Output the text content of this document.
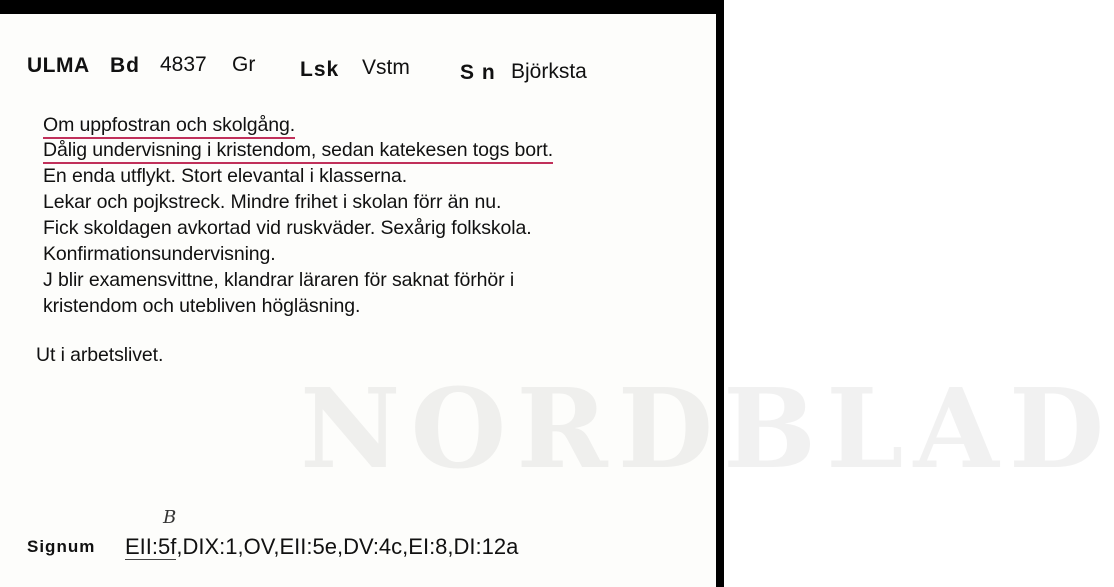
NORDBLAD
ULMA Bd 4837 Gr Lsk Vstm S n Björksta
Om uppfostran och skolgång.
Dålig undervisning i kristendom, sedan katekesen togs bort.
En enda utflykt. Stort elevantal i klasserna.
Lekar och pojkstreck. Mindre frihet i skolan förr än nu.
Fick skoldagen avkortad vid ruskväder. Sexårig folkskola.
Konfirmationsundervisning.
J blir examensvittne, klandrar läraren för saknat förhör i
kristendom och utebliven högläsning.
Ut i arbetslivet.
B
Signum EII:5f,DIX:1,OV,EII:5e,DV:4c,EI:8,DI:12a
